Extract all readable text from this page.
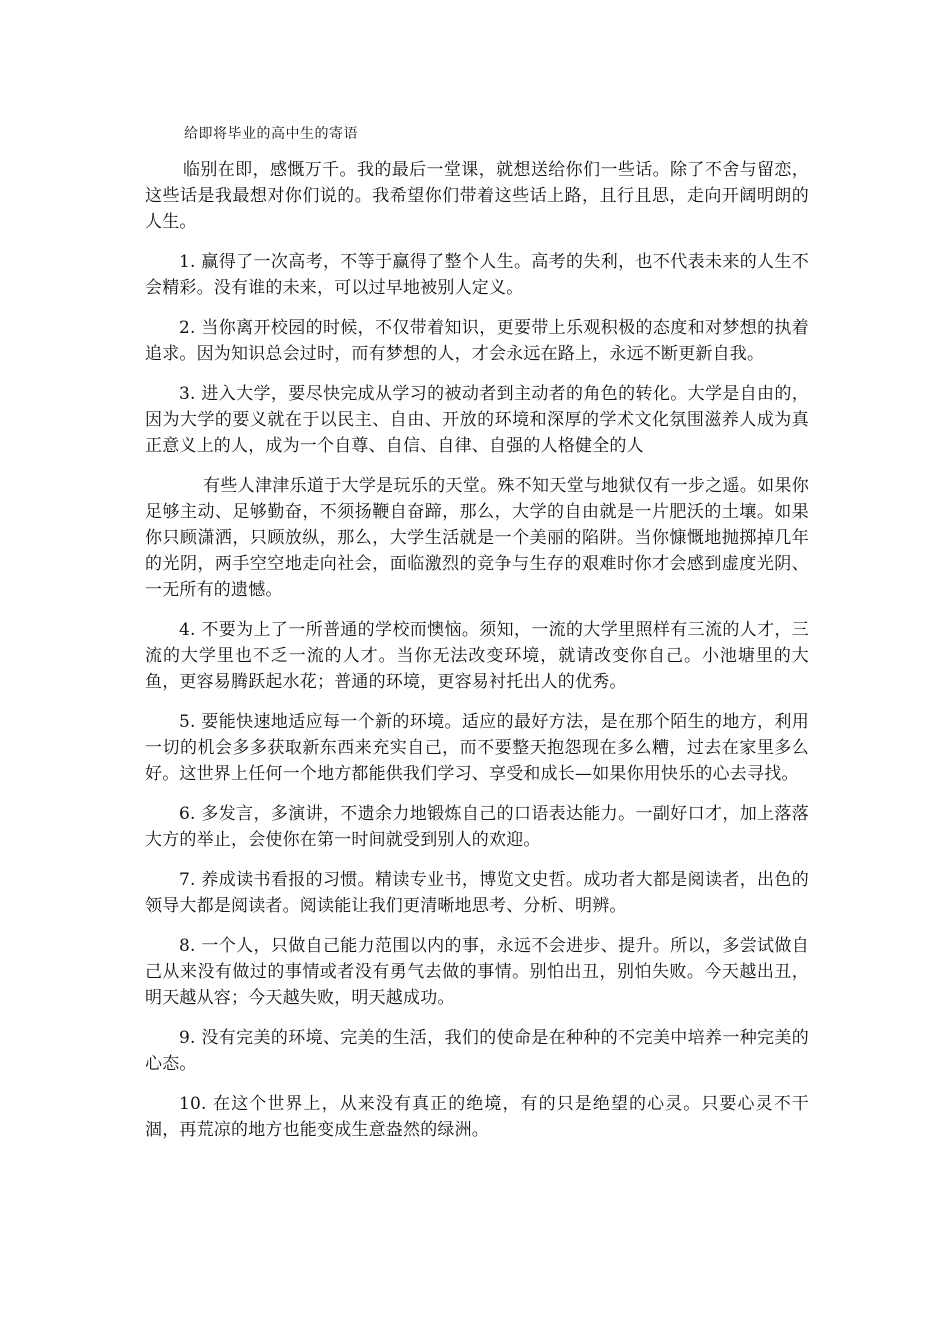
给即将毕业的高中生的寄语

临别在即，感慨万千。我的最后一堂课，就想送给你们一些话。除了不舍与留恋，这些话是我最想对你们说的。我希望你们带着这些话上路，且行且思，走向开阔明朗的人生。

1. 赢得了一次高考，不等于赢得了整个人生。高考的失利，也不代表未来的人生不会精彩。没有谁的未来，可以过早地被别人定义。

2. 当你离开校园的时候，不仅带着知识，更要带上乐观积极的态度和对梦想的执着追求。因为知识总会过时，而有梦想的人，才会永远在路上，永远不断更新自我。

3. 进入大学，要尽快完成从学习的被动者到主动者的角色的转化。大学是自由的，因为大学的要义就在于以民主、自由、开放的环境和深厚的学术文化氛围滋养人成为真正意义上的人，成为一个自尊、自信、自律、自强的人格健全的人

有些人津津乐道于大学是玩乐的天堂。殊不知天堂与地狱仅有一步之遥。如果你足够主动、足够勤奋，不须扬鞭自奋蹄，那么，大学的自由就是一片肥沃的土壤。如果你只顾潇洒，只顾放纵，那么，大学生活就是一个美丽的陷阱。当你慷慨地抛掷掉几年的光阴，两手空空地走向社会，面临激烈的竞争与生存的艰难时你才会感到虚度光阴、一无所有的遗憾。

4. 不要为上了一所普通的学校而懊恼。须知，一流的大学里照样有三流的人才，三流的大学里也不乏一流的人才。当你无法改变环境，就请改变你自己。小池塘里的大鱼，更容易腾跃起水花；普通的环境，更容易衬托出人的优秀。

5. 要能快速地适应每一个新的环境。适应的最好方法，是在那个陌生的地方，利用一切的机会多多获取新东西来充实自己，而不要整天抱怨现在多么糟，过去在家里多么好。这世界上任何一个地方都能供我们学习、享受和成长—如果你用快乐的心去寻找。

6. 多发言，多演讲，不遗余力地锻炼自己的口语表达能力。一副好口才，加上落落大方的举止，会使你在第一时间就受到别人的欢迎。

7. 养成读书看报的习惯。精读专业书，博览文史哲。成功者大都是阅读者，出色的领导大都是阅读者。阅读能让我们更清晰地思考、分析、明辨。

8. 一个人，只做自己能力范围以内的事，永远不会进步、提升。所以，多尝试做自己从来没有做过的事情或者没有勇气去做的事情。别怕出丑，别怕失败。今天越出丑，明天越从容；今天越失败，明天越成功。

9. 没有完美的环境、完美的生活，我们的使命是在种种的不完美中培养一种完美的心态。

10. 在这个世界上，从来没有真正的绝境，有的只是绝望的心灵。只要心灵不干涸，再荒凉的地方也能变成生意盎然的绿洲。
